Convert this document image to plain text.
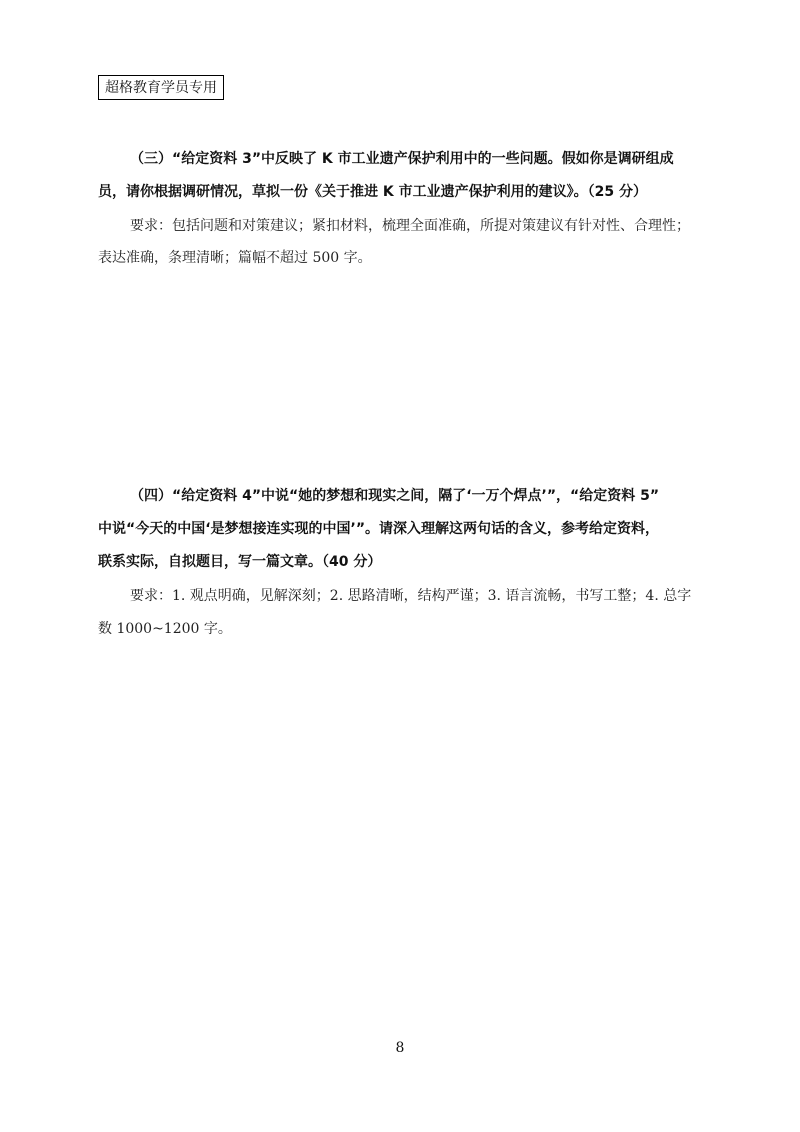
超格教育学员专用
（三）“给定资料 3”中反映了 K 市工业遗产保护利用中的一些问题。假如你是调研组成
员，请你根据调研情况，草拟一份《关于推进 K 市工业遗产保护利用的建议》。（25 分）
要求：包括问题和对策建议；紧扣材料，梳理全面准确，所提对策建议有针对性、合理性；
表达准确，条理清晰；篇幅不超过 500 字。
（四）“给定资料 4”中说“她的梦想和现实之间，隔了‘一万个焊点’”，“给定资料 5”
中说“今天的中国‘是梦想接连实现的中国’”。请深入理解这两句话的含义，参考给定资料，
联系实际，自拟题目，写一篇文章。（40 分）
要求：1. 观点明确，见解深刻；2. 思路清晰，结构严谨；3. 语言流畅，书写工整；4. 总字
数 1000~1200 字。
8
